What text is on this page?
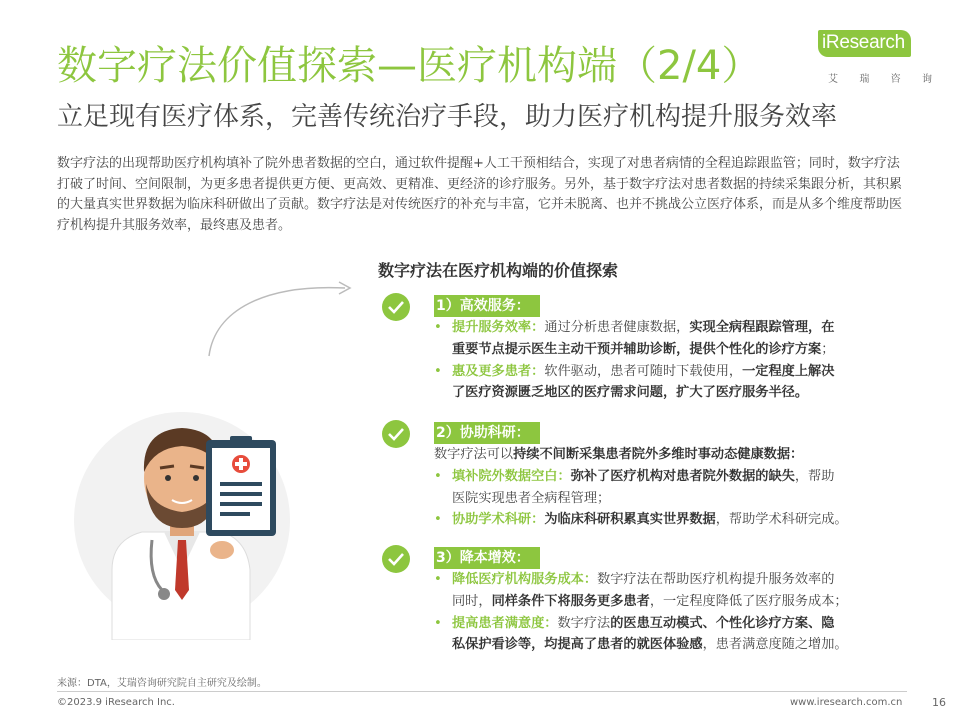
数字疗法价值探索—医疗机构端（2/4）
立足现有医疗体系，完善传统治疗手段，助力医疗机构提升服务效率
iResearch
艾 瑞 咨 询
数字疗法的出现帮助医疗机构填补了院外患者数据的空白，通过软件提醒+人工干预相结合，实现了对患者病情的全程追踪跟监管；同时，数字疗法打破了时间、空间限制，为更多患者提供更方便、更高效、更精准、更经济的诊疗服务。另外，基于数字疗法对患者数据的持续采集跟分析，其积累的大量真实世界数据为临床科研做出了贡献。数字疗法是对传统医疗的补充与丰富，它并未脱离、也并不挑战公立医疗体系，而是从多个维度帮助医疗机构提升其服务效率，最终惠及患者。
数字疗法在医疗机构端的价值探索
1）高效服务：
• 提升服务效率：通过分析患者健康数据，实现全病程跟踪管理，在
重要节点提示医生主动干预并辅助诊断，提供个性化的诊疗方案；
• 惠及更多患者：软件驱动，患者可随时下载使用，一定程度上解决
了医疗资源匮乏地区的医疗需求问题，扩大了医疗服务半径。
2）协助科研：
数字疗法可以持续不间断采集患者院外多维时事动态健康数据：
• 填补院外数据空白：弥补了医疗机构对患者院外数据的缺失，帮助
医院实现患者全病程管理；
• 协助学术科研：为临床科研积累真实世界数据，帮助学术科研完成。
3）降本增效：
• 降低医疗机构服务成本：数字疗法在帮助医疗机构提升服务效率的
同时，同样条件下将服务更多患者，一定程度降低了医疗服务成本；
• 提高患者满意度：数字疗法的医患互动模式、个性化诊疗方案、隐
私保护看诊等，均提高了患者的就医体验感，患者满意度随之增加。
来源：DTA，艾瑞咨询研究院自主研究及绘制。
©2023.9 iResearch Inc.	www.iresearch.com.cn	16
